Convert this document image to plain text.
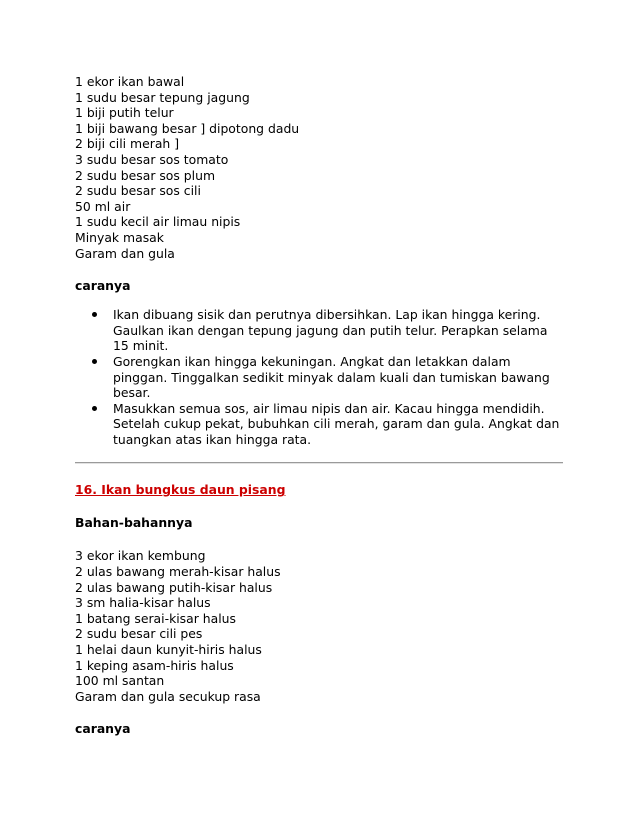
1 ekor ikan bawal
1 sudu besar tepung jagung
1 biji putih telur
1 biji bawang besar ] dipotong dadu
2 biji cili merah ]
3 sudu besar sos tomato
2 sudu besar sos plum
2 sudu besar sos cili
50 ml air
1 sudu kecil air limau nipis
Minyak masak
Garam dan gula
caranya
Ikan dibuang sisik dan perutnya dibersihkan. Lap ikan hingga kering. Gaulkan ikan dengan tepung jagung dan putih telur. Perapkan selama 15 minit.
Gorengkan ikan hingga kekuningan. Angkat dan letakkan dalam pinggan. Tinggalkan sedikit minyak dalam kuali dan tumiskan bawang besar.
Masukkan semua sos, air limau nipis dan air. Kacau hingga mendidih. Setelah cukup pekat, bubuhkan cili merah, garam dan gula. Angkat dan tuangkan atas ikan hingga rata.
16. Ikan bungkus daun pisang
Bahan-bahannya
3 ekor ikan kembung
2 ulas bawang merah-kisar halus
2 ulas bawang putih-kisar halus
3 sm halia-kisar halus
1 batang serai-kisar halus
2 sudu besar cili pes
1 helai daun kunyit-hiris halus
1 keping asam-hiris halus
100 ml santan
Garam dan gula secukup rasa
caranya
